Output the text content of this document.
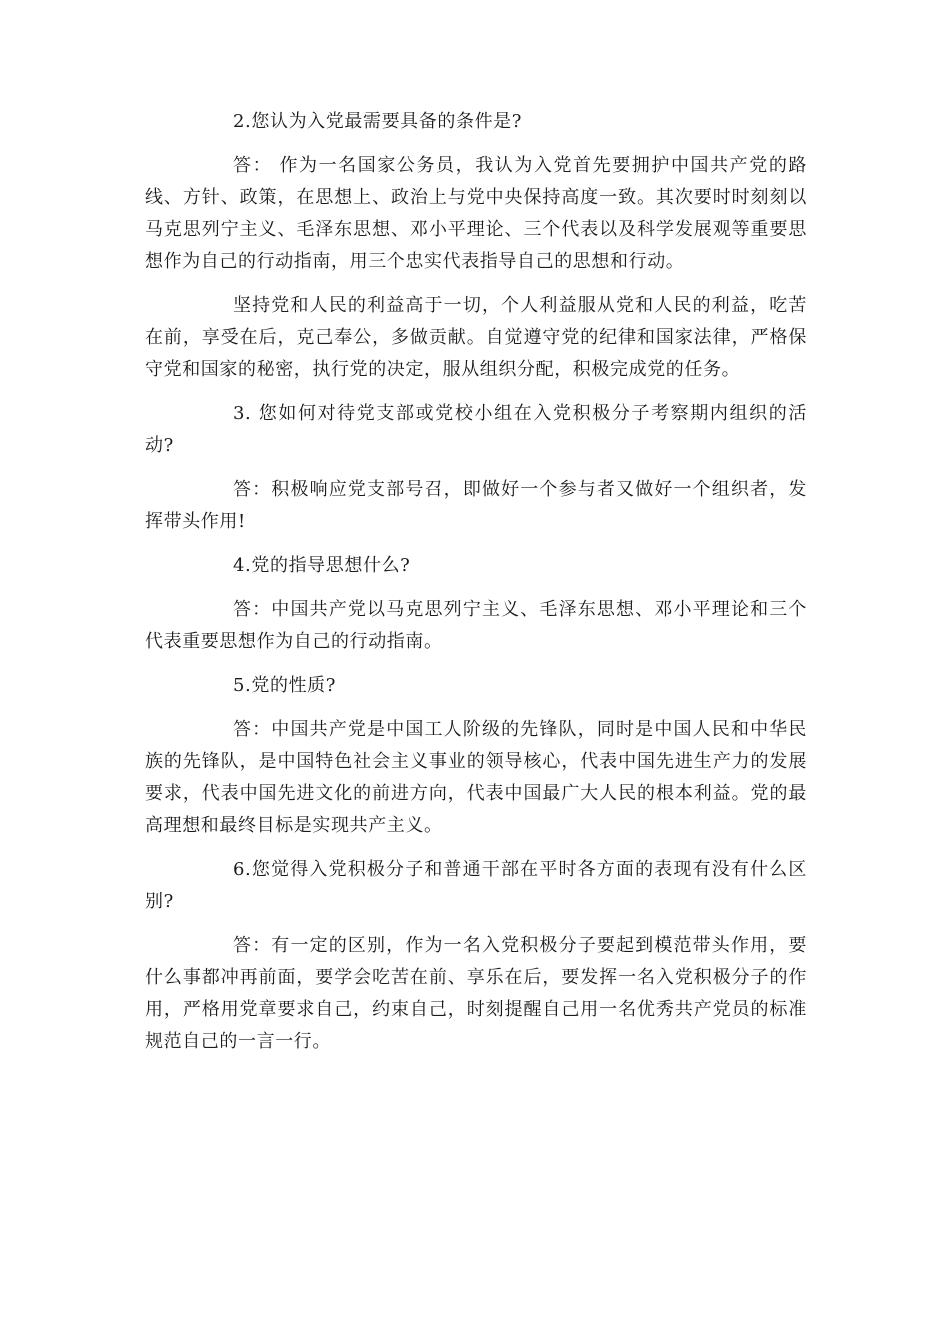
2.您认为入党最需要具备的条件是?

答： 作为一名国家公务员，我认为入党首先要拥护中国共产党的路线、方针、政策，在思想上、政治上与党中央保持高度一致。其次要时时刻刻以马克思列宁主义、毛泽东思想、邓小平理论、三个代表以及科学发展观等重要思想作为自己的行动指南，用三个忠实代表指导自己的思想和行动。

坚持党和人民的利益高于一切，个人利益服从党和人民的利益，吃苦在前，享受在后，克己奉公，多做贡献。自觉遵守党的纪律和国家法律，严格保守党和国家的秘密，执行党的决定，服从组织分配，积极完成党的任务。

3. 您如何对待党支部或党校小组在入党积极分子考察期内组织的活动?

答：积极响应党支部号召，即做好一个参与者又做好一个组织者，发挥带头作用!

4.党的指导思想什么?

答：中国共产党以马克思列宁主义、毛泽东思想、邓小平理论和三个代表重要思想作为自己的行动指南。

5.党的性质?

答：中国共产党是中国工人阶级的先锋队，同时是中国人民和中华民族的先锋队，是中国特色社会主义事业的领导核心，代表中国先进生产力的发展要求，代表中国先进文化的前进方向，代表中国最广大人民的根本利益。党的最高理想和最终目标是实现共产主义。

6.您觉得入党积极分子和普通干部在平时各方面的表现有没有什么区别?

答：有一定的区别，作为一名入党积极分子要起到模范带头作用，要什么事都冲再前面，要学会吃苦在前、享乐在后，要发挥一名入党积极分子的作用，严格用党章要求自己，约束自己，时刻提醒自己用一名优秀共产党员的标准规范自己的一言一行。
